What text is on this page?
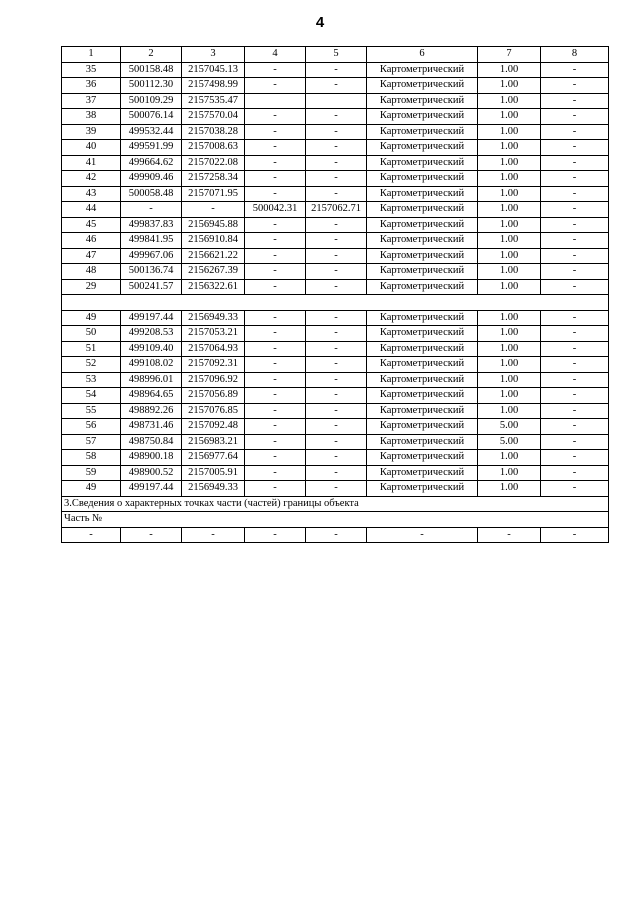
4
1	2	3	4	5	6	7	8
35	500158.48	2157045.13	-	-	Картометрический	1.00	-
36	500112.30	2157498.99	-	-	Картометрический	1.00	-
37	500109.29	2157535.47			Картометрический	1.00	-
38	500076.14	2157570.04	-	-	Картометрический	1.00	-
39	499532.44	2157038.28	-	-	Картометрический	1.00	-
40	499591.99	2157008.63	-	-	Картометрический	1.00	-
41	499664.62	2157022.08	-	-	Картометрический	1.00	-
42	499909.46	2157258.34	-	-	Картометрический	1.00	-
43	500058.48	2157071.95	-	-	Картометрический	1.00	-
44	-	-	500042.31	2157062.71	Картометрический	1.00	-
45	499837.83	2156945.88	-	-	Картометрический	1.00	-
46	499841.95	2156910.84	-	-	Картометрический	1.00	-
47	499967.06	2156621.22	-	-	Картометрический	1.00	-
48	500136.74	2156267.39	-	-	Картометрический	1.00	-
29	500241.57	2156322.61	-	-	Картометрический	1.00	-

49	499197.44	2156949.33	-	-	Картометрический	1.00	-
50	499208.53	2157053.21	-	-	Картометрический	1.00	-
51	499109.40	2157064.93	-	-	Картометрический	1.00	-
52	499108.02	2157092.31	-	-	Картометрический	1.00	-
53	498996.01	2157096.92	-	-	Картометрический	1.00	-
54	498964.65	2157056.89	-	-	Картометрический	1.00	-
55	498892.26	2157076.85	-	-	Картометрический	1.00	-
56	498731.46	2157092.48	-	-	Картометрический	5.00	-
57	498750.84	2156983.21	-	-	Картометрический	5.00	-
58	498900.18	2156977.64	-	-	Картометрический	1.00	-
59	498900.52	2157005.91	-	-	Картометрический	1.00	-
49	499197.44	2156949.33	-	-	Картометрический	1.00	-
3.Сведения о характерных точках части (частей) границы объекта							
Часть №							
-	-	-	-	-	-	-	-
